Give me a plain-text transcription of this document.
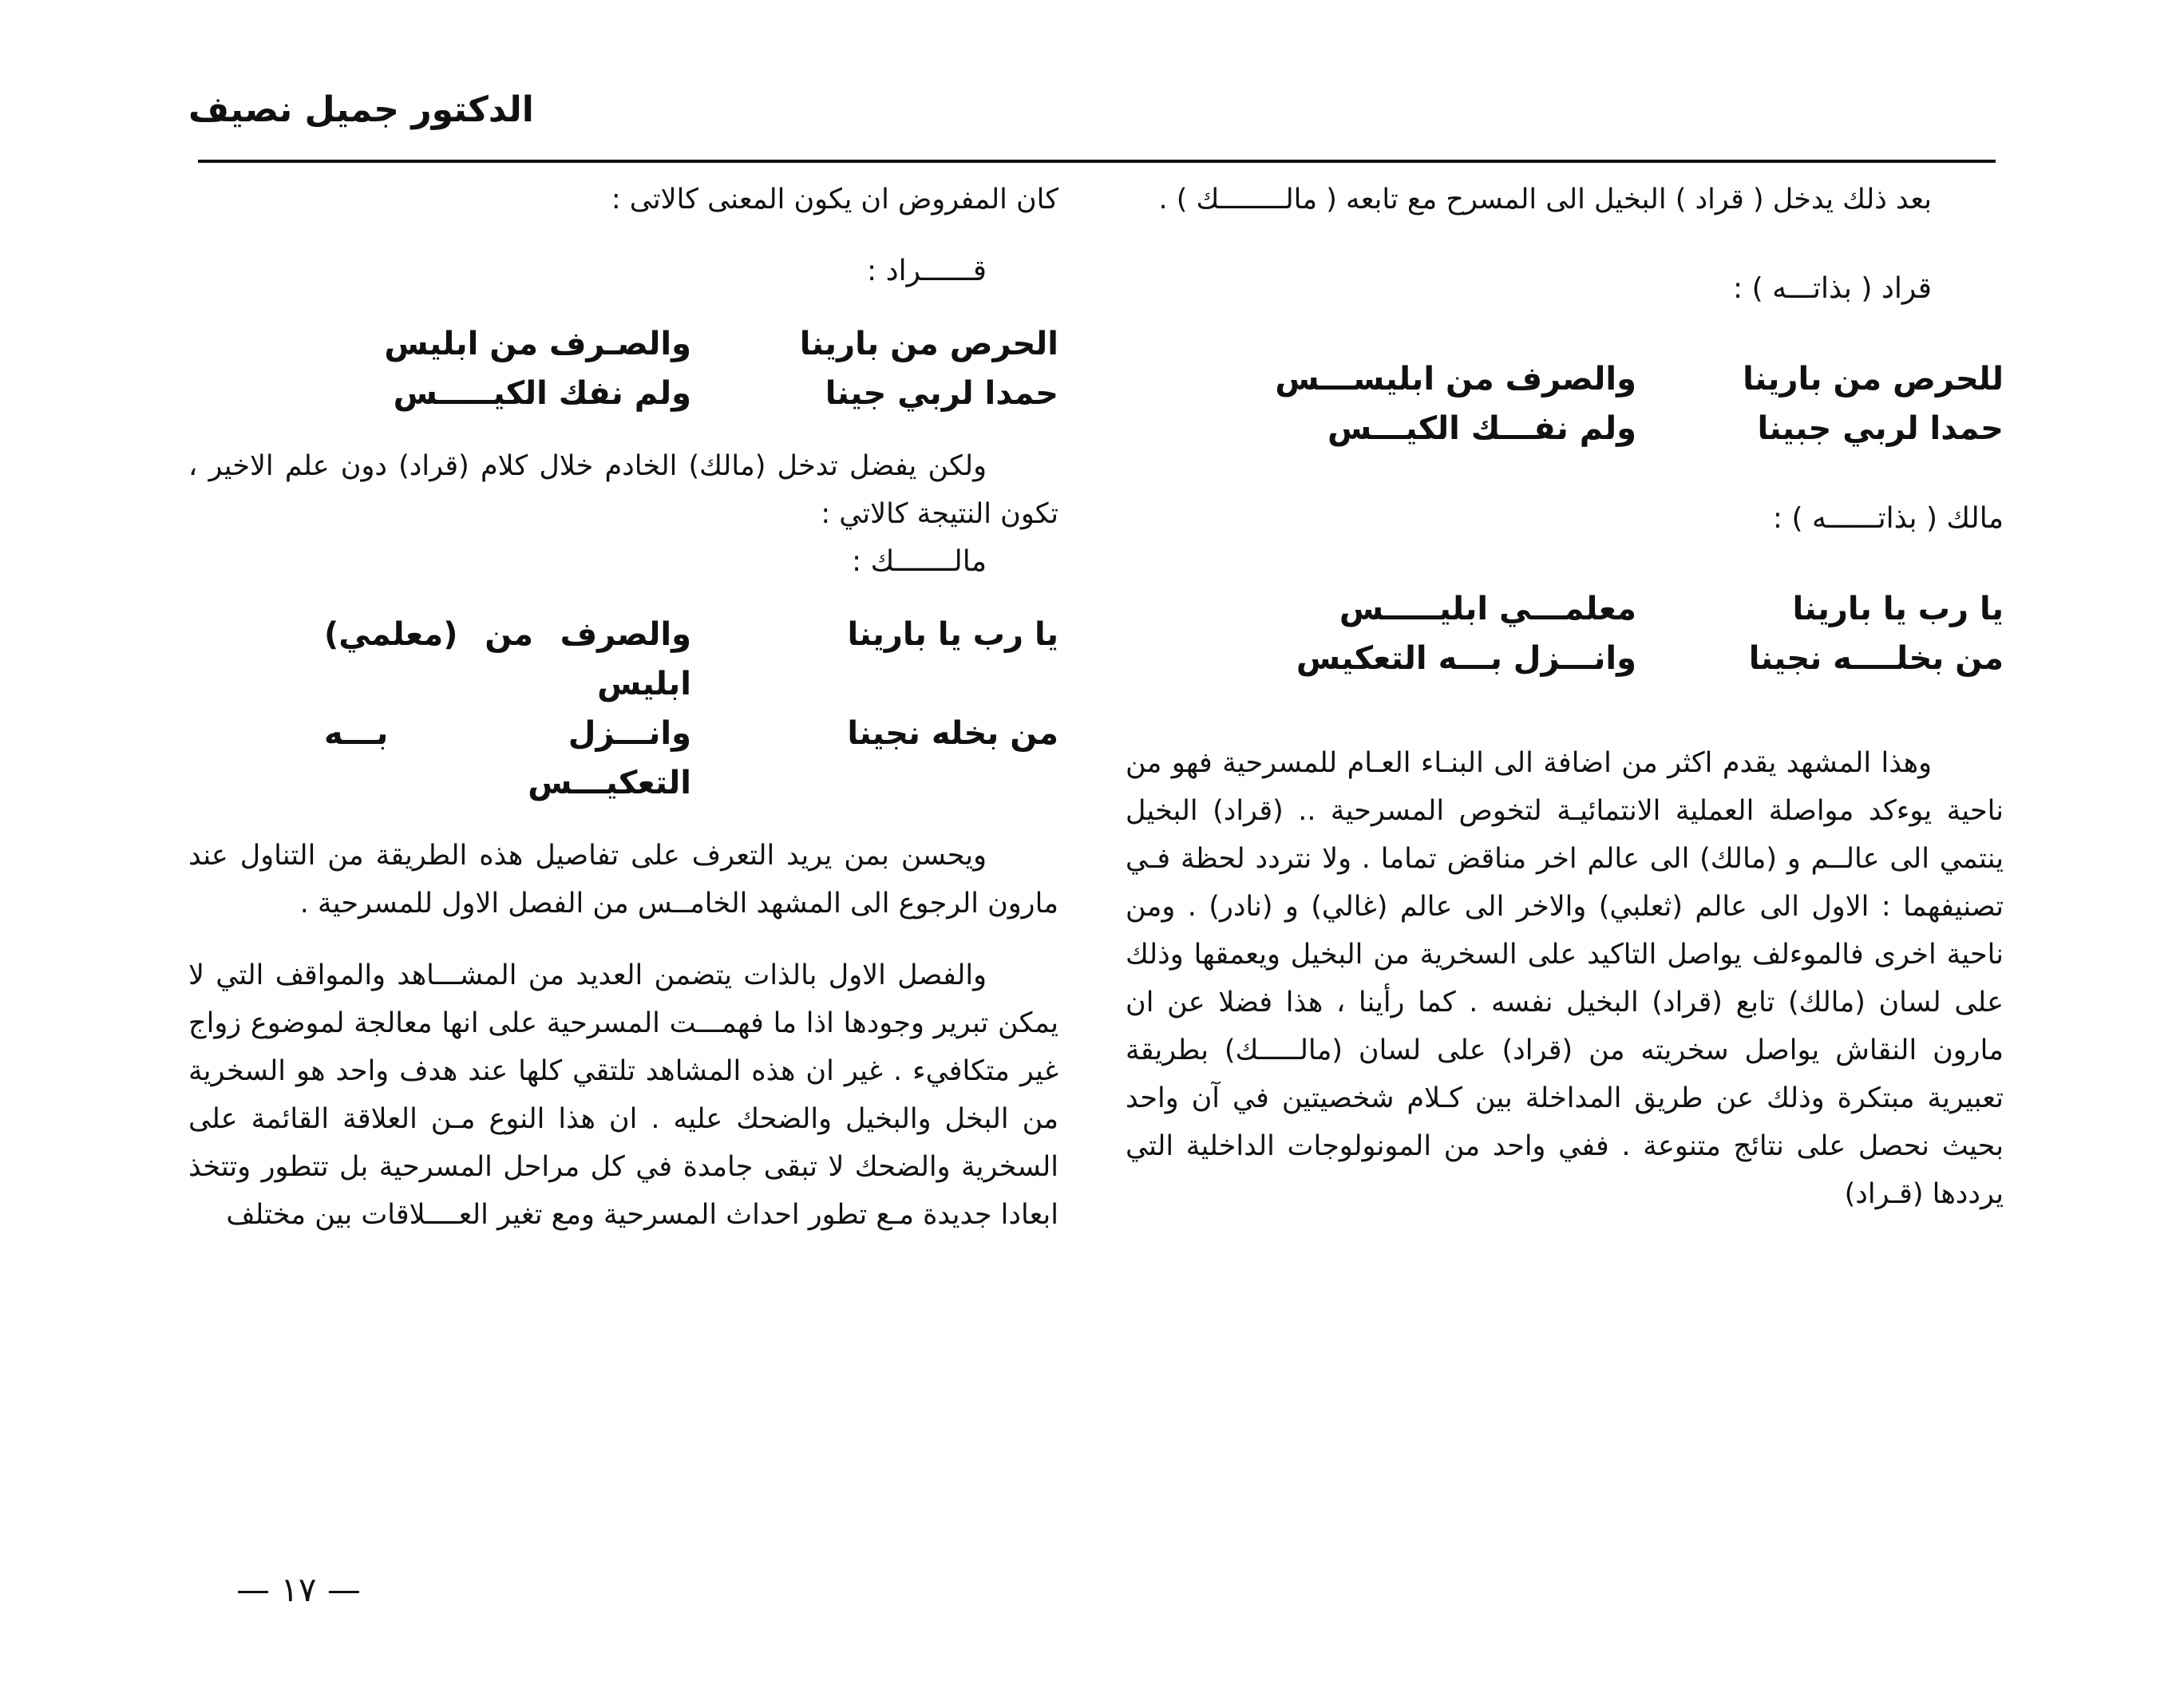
الدكتور جميل نصيف

بعد ذلك يدخل ( قراد ) البخيل الى المسرح مع تابعه ( مالــــــــك ) .

قراد ( بذاتـــه ) :

للحرص من بارينا
والصرف من ابليســـس
حمدا لربي جبينا
ولم نفـــك الكيـــس

مالك ( بذاتــــــه ) :

يا رب يا بارينا
معلمـــي ابليـــــس
من بخلــــه نجينا
وانـــزل بـــه التعكيس

وهذا المشهد يقدم اكثر من اضافة الى البنـاء العـام للمسرحية فهو من ناحية يوءكد مواصلة العملية الانتمائيـة لتخوص المسرحية .. (قراد) البخيل ينتمي الى عالــم و (مالك) الى عالم اخر مناقض تماما . ولا نتردد لحظة فـي تصنيفهما : الاول الى عالم (ثعلبي) والاخر الى عالم (غالي) و (نادر) . ومن ناحية اخرى فالموءلف يواصل التاكيد على السخرية من البخيل ويعمقها وذلك على لسان (مالك) تابع (قراد) البخيل نفسه . كما رأينا ، هذا فضلا عن ان مارون النقاش يواصل سخريته من (قراد) على لسان (مالـــــك) بطريقة تعبيرية مبتكرة وذلك عن طريق المداخلة بين كـلام شخصيتين في آن واحد بحيث نحصل على نتائج متنوعة . ففي واحد من المونولوجات الداخلية التي يرددها (قـراد)

كان المفروض ان يكون المعنى كالاتى :

قــــــراد :

الحرص من بارينا
والصـرف من ابليس
حمدا لربي جينا
ولم نفك الكيـــــس

ولكن يفضل تدخل (مالك) الخادم خلال كلام (قراد) دون علم الاخير ، تكون النتيجة كالاتي :

مالـــــــك :

يا رب يا بارينا
والصرف من (معلمي) ابليس
من بخله نجينا
وانـــزل بـــه التعكيـــس

ويحسن بمن يريد التعرف على تفاصيل هذه الطريقة من التناول عند مارون الرجوع الى المشهد الخامــس من الفصل الاول للمسرحية .

والفصل الاول بالذات يتضمن العديد من المشـــاهد والمواقف التي لا يمكن تبرير وجودها اذا ما فهمـــت المسرحية على انها معالجة لموضوع زواج غير متكافيء . غير ان هذه المشاهد تلتقي كلها عند هدف واحد هو السخرية من البخل والبخيل والضحك عليه . ان هذا النوع مـن العلاقة القائمة على السخرية والضحك لا تبقى جامدة في كل مراحل المسرحية بل تتطور وتتخذ ابعادا جديدة مـع تطور احداث المسرحية ومع تغير العــــلاقات بين مختلف

— ١٧ —
